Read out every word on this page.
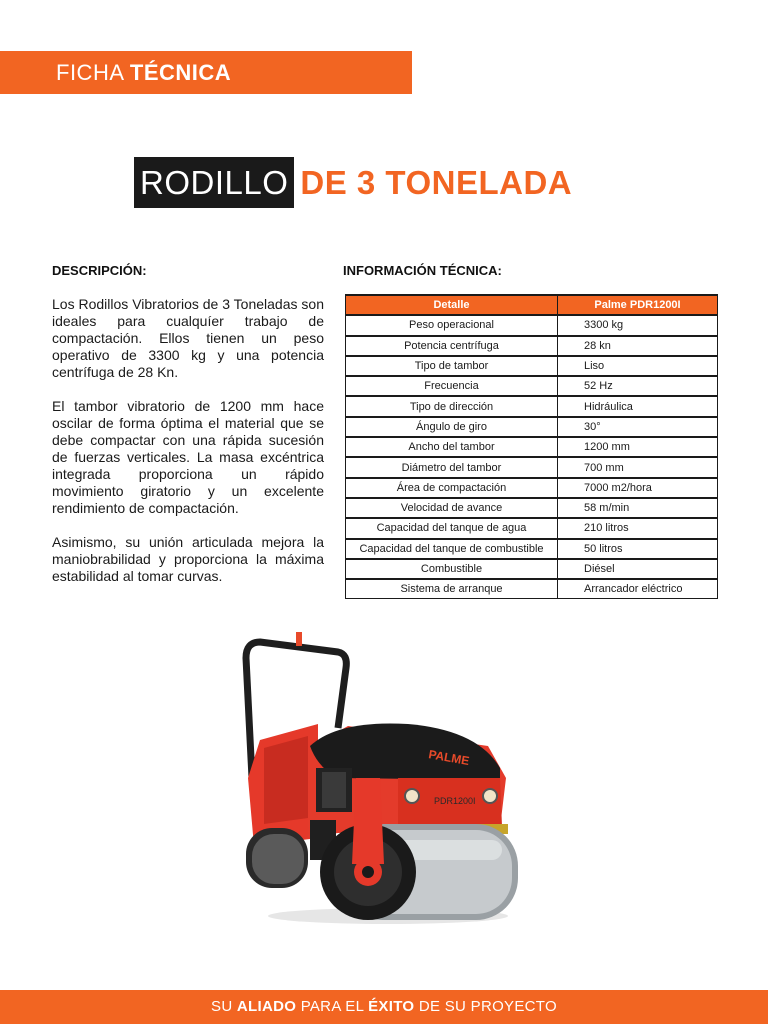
FICHA TÉCNICA
RODILLO DE 3 TONELADA
DESCRIPCIÓN:	INFORMACIÓN TÉCNICA:

Los Rodillos Vibratorios de 3 Toneladas son ideales para cualquíer trabajo de compactación. Ellos tienen un peso operativo de 3300 kg y una potencia centrífuga de 28 Kn.

El tambor vibratorio de 1200 mm hace oscilar de forma óptima el material que se debe compactar con una rápida sucesión de fuerzas verticales. La masa excéntrica integrada proporciona un rápido movimiento giratorio y un excelente rendimiento de compactación.

Asimismo, su unión articulada mejora la maniobrabilidad y proporciona la máxima estabilidad al tomar curvas.

Detalle	Palme PDR1200I
Peso operacional	3300 kg
Potencia centrífuga	28 kn
Tipo de tambor	Liso
Frecuencia	52 Hz
Tipo de dirección	Hidráulica
Ángulo de giro	30°
Ancho del tambor	1200 mm
Diámetro del tambor	700 mm
Área de compactación	7000 m2/hora
Velocidad de avance	58 m/min
Capacidad del tanque de agua	210 litros
Capacidad del tanque de combustible	50 litros
Combustible	Diésel
Sistema de arranque	Arrancador eléctrico
PALME
PDR1200I
SU ALIADO PARA EL ÉXITO DE SU PROYECTO
